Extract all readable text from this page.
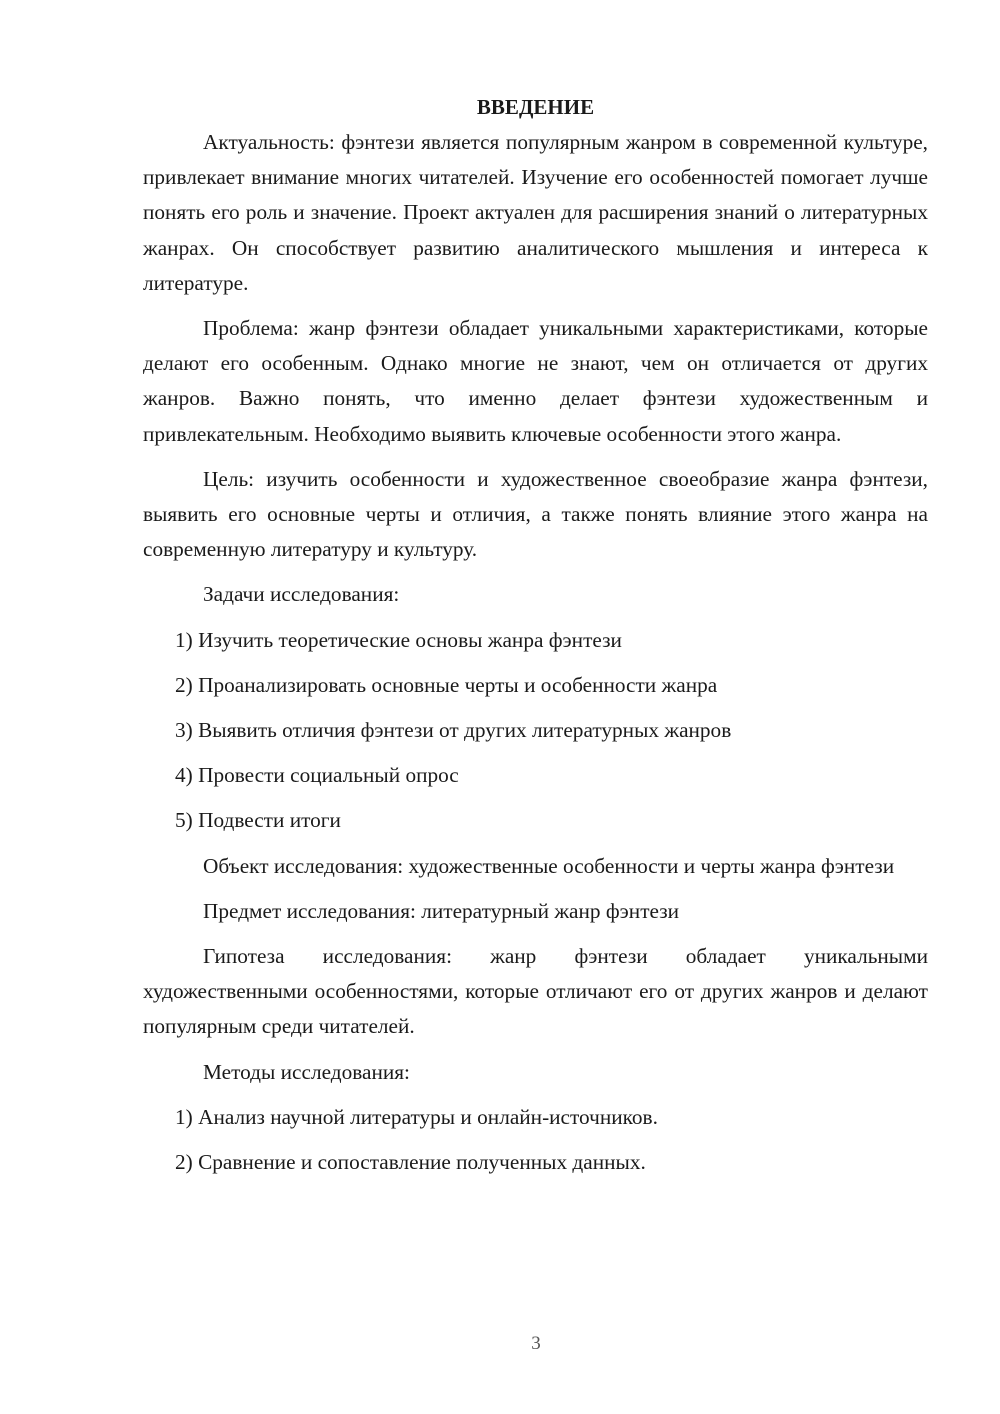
ВВЕДЕНИЕ

Актуальность: фэнтези является популярным жанром в современной культуре, привлекает внимание многих читателей. Изучение его особенностей помогает лучше понять его роль и значение. Проект актуален для расширения знаний о литературных жанрах. Он способствует развитию аналитического мышления и интереса к литературе.

Проблема: жанр фэнтези обладает уникальными характеристиками, которые делают его особенным. Однако многие не знают, чем он отличается от других жанров. Важно понять, что именно делает фэнтези художественным и привлекательным. Необходимо выявить ключевые особенности этого жанра.

Цель: изучить особенности и художественное своеобразие жанра фэнтези, выявить его основные черты и отличия, а также понять влияние этого жанра на современную литературу и культуру.

Задачи исследования:

1) Изучить теоретические основы жанра фэнтези

2) Проанализировать основные черты и особенности жанра

3) Выявить отличия фэнтези от других литературных жанров

4) Провести социальный опрос

5) Подвести итоги

Объект исследования: художественные особенности и черты жанра фэнтези

Предмет исследования: литературный жанр фэнтези

Гипотеза исследования: жанр фэнтези обладает уникальными художественными особенностями, которые отличают его от других жанров и делают популярным среди читателей.

Методы исследования:

1) Анализ научной литературы и онлайн-источников.

2) Сравнение и сопоставление полученных данных.

3
